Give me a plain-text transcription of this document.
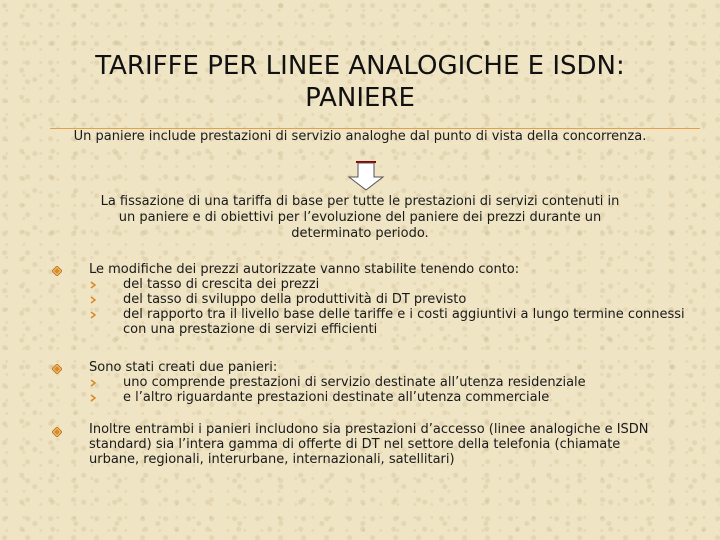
TARIFFE PER LINEE ANALOGICHE E ISDN:
PANIERE
Un paniere include prestazioni di servizio analoghe dal punto di vista della concorrenza.
La fissazione di una tariffa di base per tutte le prestazioni di servizi contenuti in un paniere e di obiettivi per l’evoluzione del paniere dei prezzi durante un determinato periodo.
Le modifiche dei prezzi autorizzate vanno stabilite tenendo conto:
del tasso di crescita dei prezzi
del tasso di sviluppo della produttività di DT previsto
del rapporto tra il livello base delle tariffe e i costi aggiuntivi a lungo termine connessi con una prestazione di servizi efficienti
Sono stati creati due panieri:
uno comprende prestazioni di servizio destinate all’utenza residenziale
e l’altro riguardante prestazioni destinate all’utenza commerciale
Inoltre entrambi i panieri includono sia prestazioni d’accesso (linee analogiche e ISDN standard) sia l’intera gamma di offerte di DT nel settore della telefonia (chiamate urbane, regionali, interurbane, internazionali, satellitari)
